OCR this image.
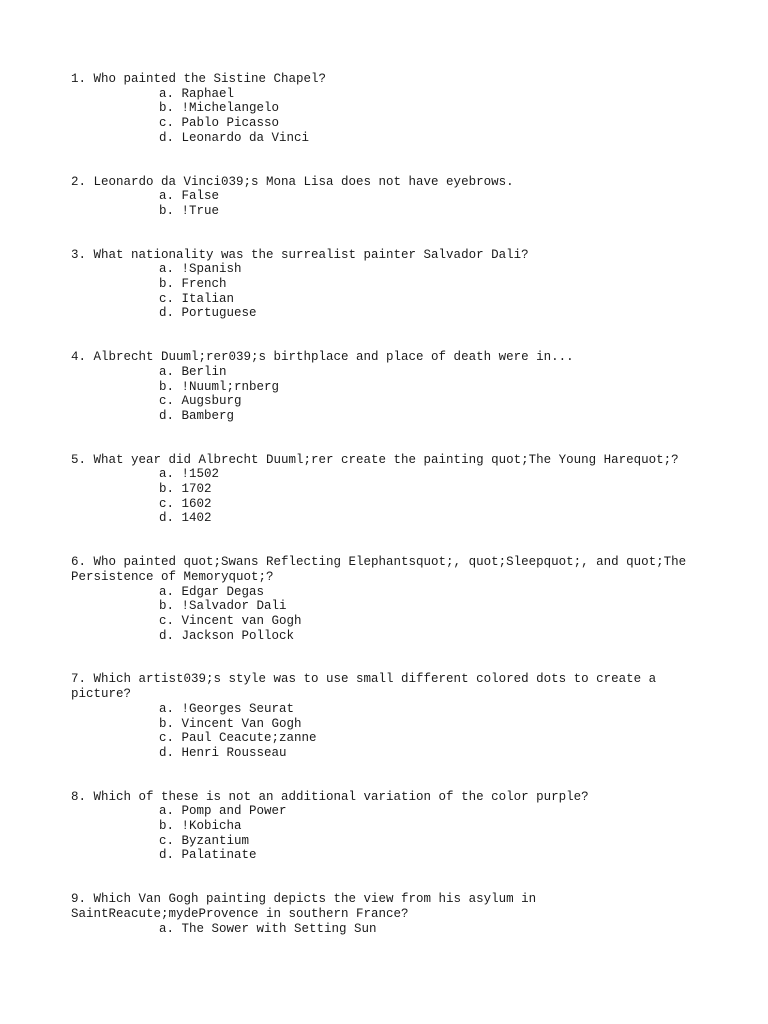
1. Who painted the Sistine Chapel?
a. Raphael
b. !Michelangelo
c. Pablo Picasso
d. Leonardo da Vinci
2. Leonardo da Vinci039;s Mona Lisa does not have eyebrows.
a. False
b. !True
3. What nationality was the surrealist painter Salvador Dali?
a. !Spanish
b. French
c. Italian
d. Portuguese
4. Albrecht Duuml;rer039;s birthplace and place of death were in...
a. Berlin
b. !Nuuml;rnberg
c. Augsburg
d. Bamberg
5. What year did Albrecht Duuml;rer create the painting quot;The Young Harequot;?
a. !1502
b. 1702
c. 1602
d. 1402
6. Who painted quot;Swans Reflecting Elephantsquot;, quot;Sleepquot;, and quot;The Persistence of Memoryquot;?
a. Edgar Degas
b. !Salvador Dali
c. Vincent van Gogh
d. Jackson Pollock
7. Which artist039;s style was to use small different colored dots to create a picture?
a. !Georges Seurat
b. Vincent Van Gogh
c. Paul Ceacute;zanne
d. Henri Rousseau
8. Which of these is not an additional variation of the color purple?
a. Pomp and Power
b. !Kobicha
c. Byzantium
d. Palatinate
9. Which Van Gogh painting depicts the view from his asylum in SaintReacute;mydeProvence in southern France?
a. The Sower with Setting Sun
